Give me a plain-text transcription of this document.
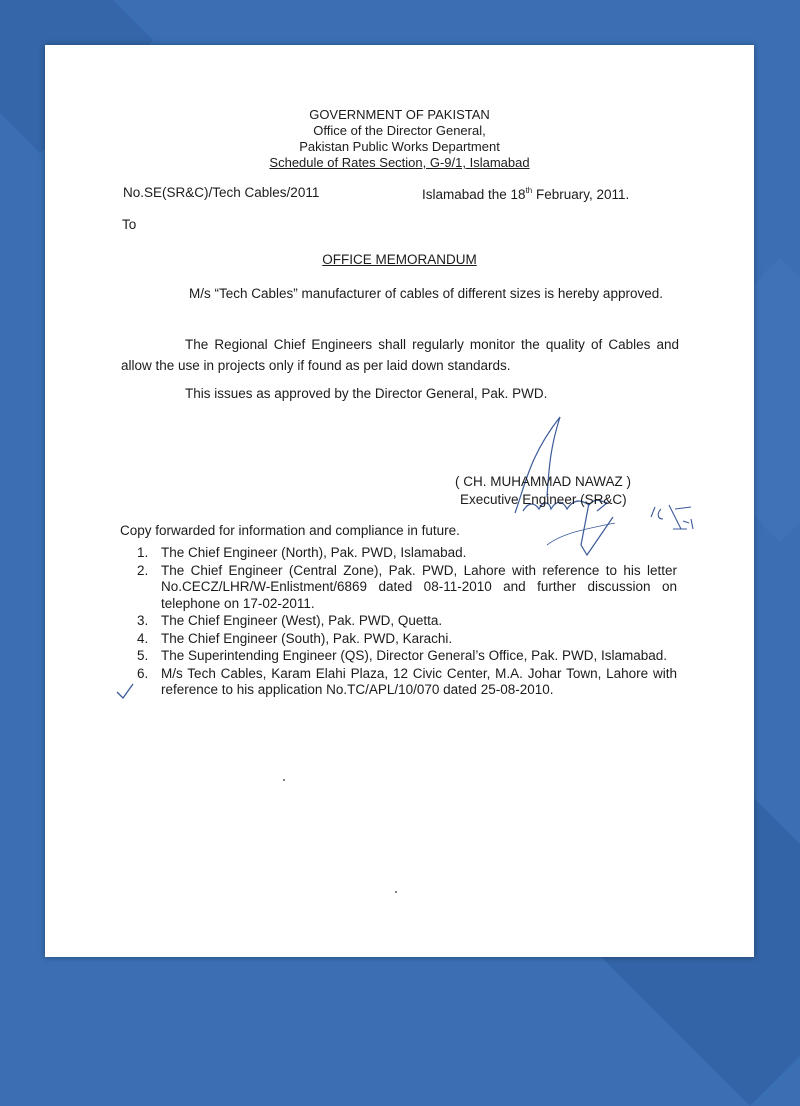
GOVERNMENT OF PAKISTAN
Office of the Director General,
Pakistan Public Works Department
Schedule of Rates Section, G-9/1, Islamabad
No.SE(SR&C)/Tech Cables/2011	Islamabad the 18th February, 2011.
To
OFFICE MEMORANDUM
M/s “Tech Cables” manufacturer of cables of different sizes is hereby approved.
The Regional Chief Engineers shall regularly monitor the quality of Cables and allow the use in projects only if found as per laid down standards.
This issues as approved by the Director General, Pak. PWD.
( CH. MUHAMMAD NAWAZ )
Executive Engineer (SR&C)
Copy forwarded for information and compliance in future.
1. The Chief Engineer (North), Pak. PWD, Islamabad.
2. The Chief Engineer (Central Zone), Pak. PWD, Lahore with reference to his letter No.CECZ/LHR/W-Enlistment/6869 dated 08-11-2010 and further discussion on telephone on 17-02-2011.
3. The Chief Engineer (West), Pak. PWD, Quetta.
4. The Chief Engineer (South), Pak. PWD, Karachi.
5. The Superintending Engineer (QS), Director General’s Office, Pak. PWD, Islamabad.
6. M/s Tech Cables, Karam Elahi Plaza, 12 Civic Center, M.A. Johar Town, Lahore with reference to his application No.TC/APL/10/070 dated 25-08-2010.
